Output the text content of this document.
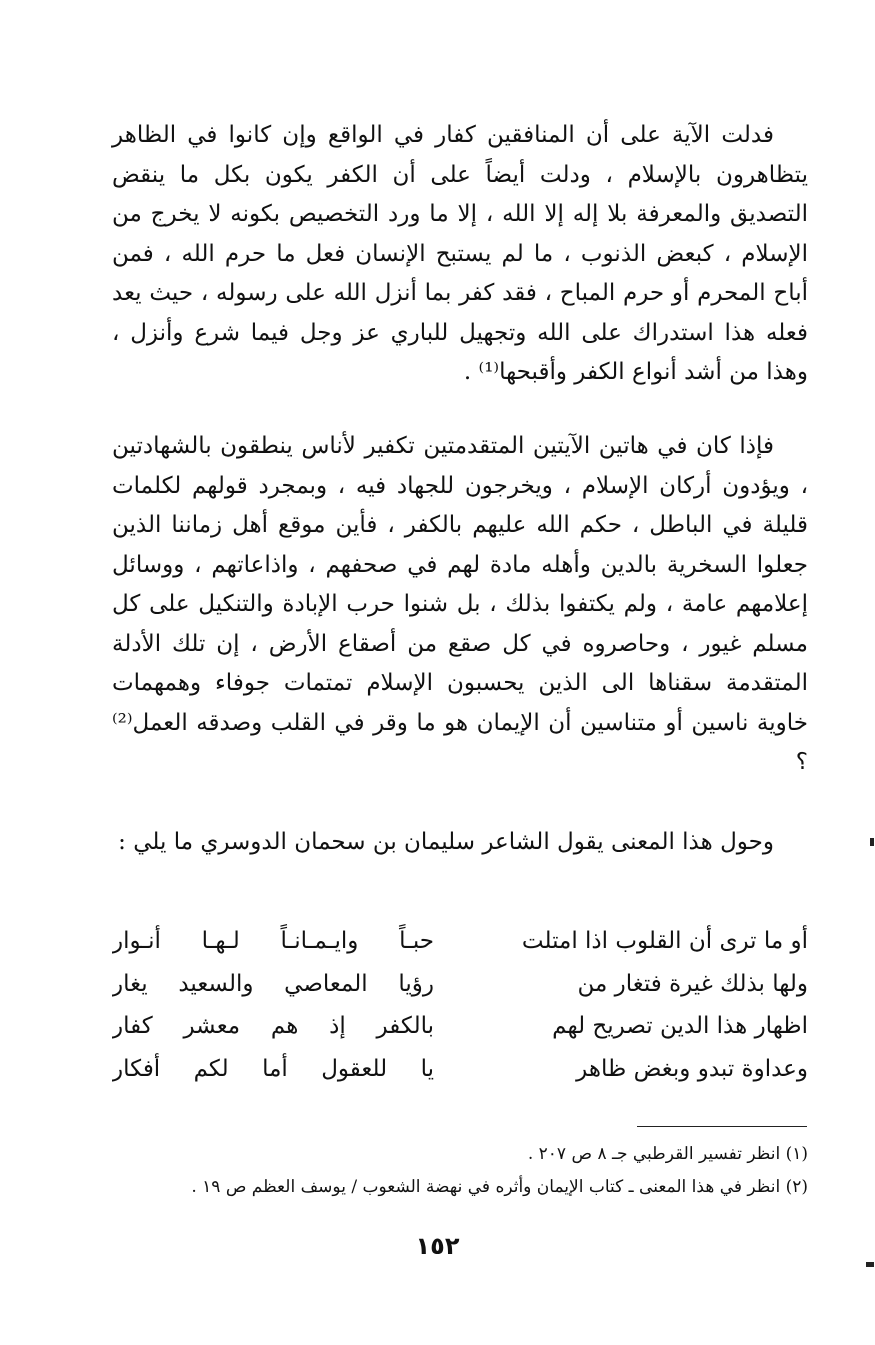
فدلت الآية على أن المنافقين كفار في الواقع وإن كانوا في الظاهر يتظاهرون بالإسلام ، ودلت أيضاً على أن الكفر يكون بكل ما ينقض التصديق والمعرفة بلا إله إلا الله ، إلا ما ورد التخصيص بكونه لا يخرج من الإسلام ، كبعض الذنوب ، ما لم يستبح الإنسان فعل ما حرم الله ، فمن أباح المحرم أو حرم المباح ، فقد كفر بما أنزل الله على رسوله ، حيث يعد فعله هذا استدراك على الله وتجهيل للباري عز وجل فيما شرع وأنزل ، وهذا من أشد أنواع الكفر وأقبحها⁽¹⁾ .

فإذا كان في هاتين الآيتين المتقدمتين تكفير لأناس ينطقون بالشهادتين ، ويؤدون أركان الإسلام ، ويخرجون للجهاد فيه ، وبمجرد قولهم لكلمات قليلة في الباطل ، حكم الله عليهم بالكفر ، فأين موقع أهل زماننا الذين جعلوا السخرية بالدين وأهله مادة لهم في صحفهم ، واذاعاتهم ، ووسائل إعلامهم عامة ، ولم يكتفوا بذلك ، بل شنوا حرب الإبادة والتنكيل على كل مسلم غيور ، وحاصروه في كل صقع من أصقاع الأرض ، إن تلك الأدلة المتقدمة سقناها الى الذين يحسبون الإسلام تمتمات جوفاء وهمهمات خاوية ناسين أو متناسين أن الإيمان هو ما وقر في القلب وصدقه العمل⁽²⁾ ؟

وحول هذا المعنى يقول الشاعر سليمان بن سحمان الدوسري ما يلي :

أو ما ترى أن القلوب اذا امتلت
حبـاً وايـمـانـاً لـهـا أنـوار
ولها بذلك غيرة فتغار من
رؤيا المعاصي والسعيد يغار
اظهار هذا الدين تصريح لهم
بالكفر إذ هم معشر كفار
وعداوة تبدو وبغض ظاهر
يا للعقول أما لكم أفكار

(١) انظر تفسير القرطبي جـ ٨ ص ٢٠٧ .

(٢) انظر في هذا المعنى ـ كتاب الإيمان وأثره في نهضة الشعوب / يوسف العظم ص ١٩ .

١٥٢
